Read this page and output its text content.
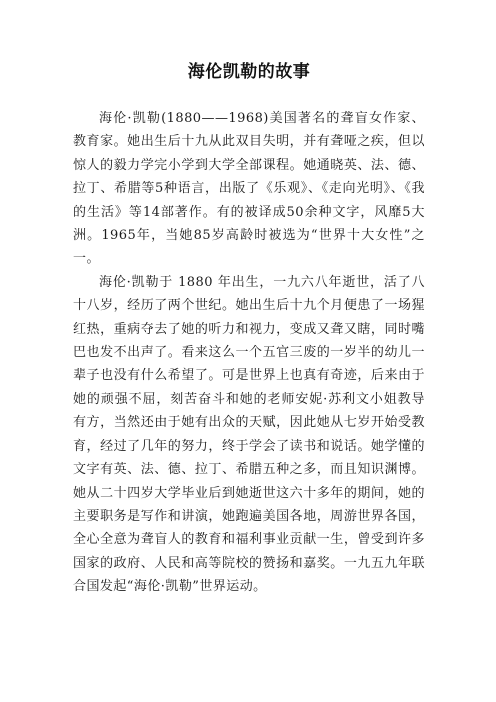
海伦凯勒的故事

海伦·凯勒(1880——1968)美国著名的聋盲女作家、教育家。她出生后十九从此双目失明，并有聋哑之疾，但以惊人的毅力学完小学到大学全部课程。她通晓英、法、德、拉丁、希腊等5种语言，出版了《乐观》、《走向光明》、《我的生活》等14部著作。有的被译成50余种文字，风靡5大洲。1965年，当她85岁高龄时被选为“世界十大女性”之一。

海伦·凯勒于 1880 年出生，一九六八年逝世，活了八十八岁，经历了两个世纪。她出生后十九个月便患了一场猩红热，重病夺去了她的听力和视力，变成又聋又瞎，同时嘴巴也发不出声了。看来这么一个五官三废的一岁半的幼儿一辈子也没有什么希望了。可是世界上也真有奇迹，后来由于她的顽强不屈，刻苦奋斗和她的老师安妮·苏利文小姐教导有方，当然还由于她有出众的天赋，因此她从七岁开始受教育，经过了几年的努力，终于学会了读书和说话。她学懂的文字有英、法、德、拉丁、希腊五种之多，而且知识渊博。她从二十四岁大学毕业后到她逝世这六十多年的期间，她的主要职务是写作和讲演，她跑遍美国各地，周游世界各国，全心全意为聋盲人的教育和福利事业贡献一生，曾受到许多国家的政府、人民和高等院校的赞扬和嘉奖。一九五九年联合国发起“海伦·凯勒”世界运动。
